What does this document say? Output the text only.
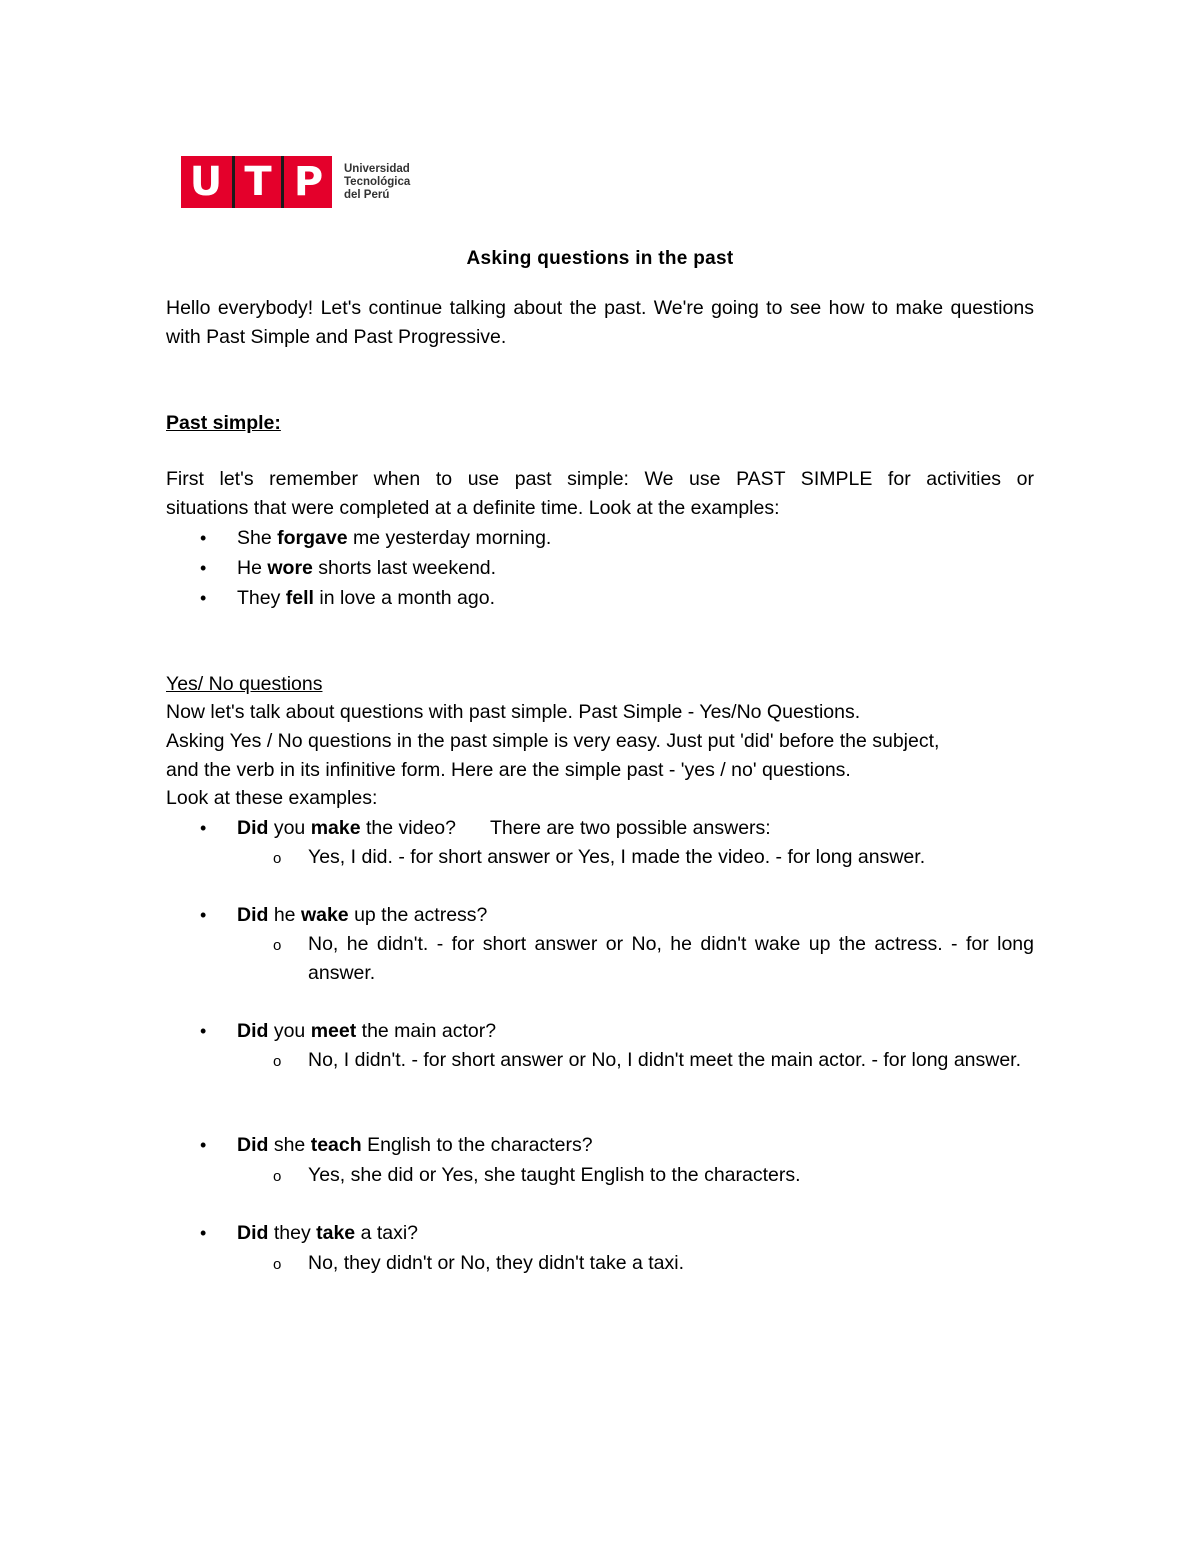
U T P Universidad
Tecnológica
del Perú
Asking questions in the past
Hello everybody! Let's continue talking about the past. We're going to see how to make questions with Past Simple and Past Progressive.
Past simple:
First let's remember when to use past simple: We use PAST SIMPLE for activities or
situations that were completed at a definite time. Look at the examples:
• She forgave me yesterday morning.
• He wore shorts last weekend.
• They fell in love a month ago.
Yes/ No questions
Now let's talk about questions with past simple. Past Simple - Yes/No Questions.
Asking Yes / No questions in the past simple is very easy. Just put 'did' before the subject,
and the verb in its infinitive form. Here are the simple past - 'yes / no' questions.
Look at these examples:
• Did you make the video? There are two possible answers:
o Yes, I did. - for short answer or Yes, I made the video. - for long answer.
• Did he wake up the actress?
o No, he didn't. - for short answer or No, he didn't wake up the actress. - for long answer.
• Did you meet the main actor?
o No, I didn't. - for short answer or No, I didn't meet the main actor. - for long answer.
• Did she teach English to the characters?
o Yes, she did or Yes, she taught English to the characters.
• Did they take a taxi?
o No, they didn't or No, they didn't take a taxi.
